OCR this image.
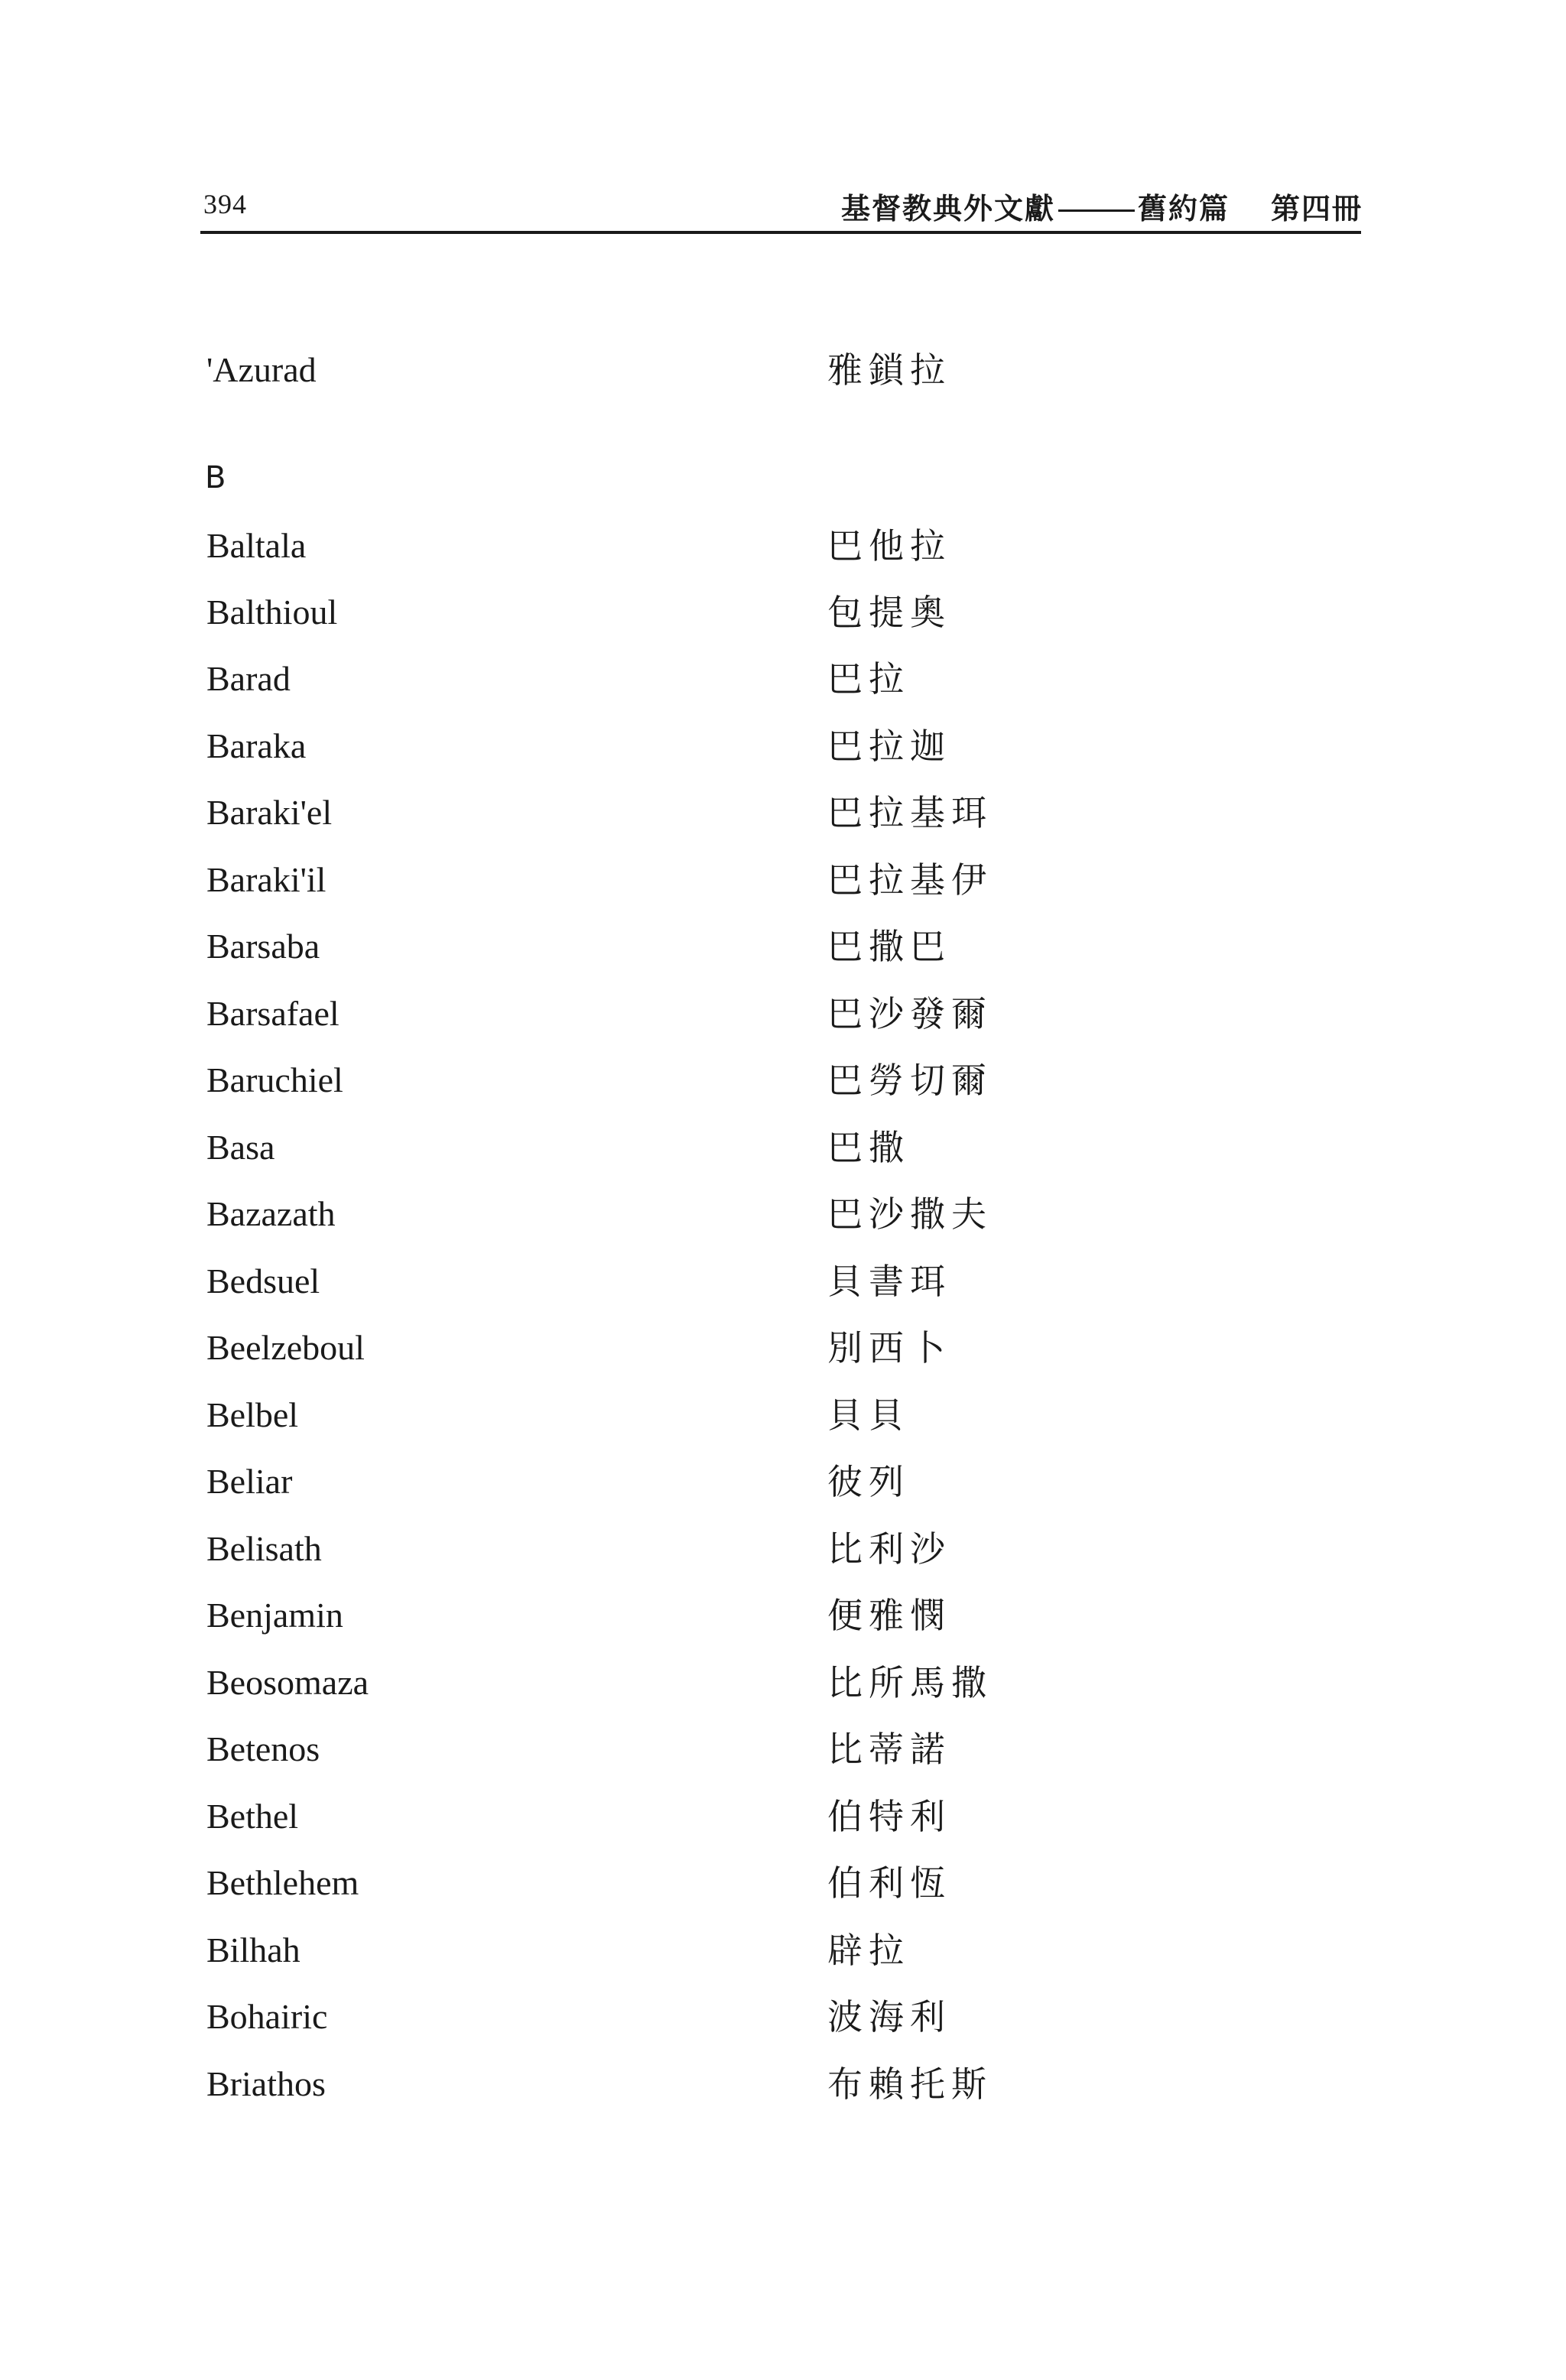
394	基督教典外文獻	舊約篇 第四冊
'Azurad	雅鎖拉
B
Baltala	巴他拉
Balthioul	包提奧
Barad	巴拉
Baraka	巴拉迦
Baraki'el	巴拉基珥
Baraki'il	巴拉基伊
Barsaba	巴撒巴
Barsafael	巴沙發爾
Baruchiel	巴勞切爾
Basa	巴撒
Bazazath	巴沙撒夫
Bedsuel	貝書珥
Beelzeboul	別西卜
Belbel	貝貝
Beliar	彼列
Belisath	比利沙
Benjamin	便雅憫
Beosomaza	比所馬撒
Betenos	比蒂諾
Bethel	伯特利
Bethlehem	伯利恆
Bilhah	辟拉
Bohairic	波海利
Briathos	布賴托斯
